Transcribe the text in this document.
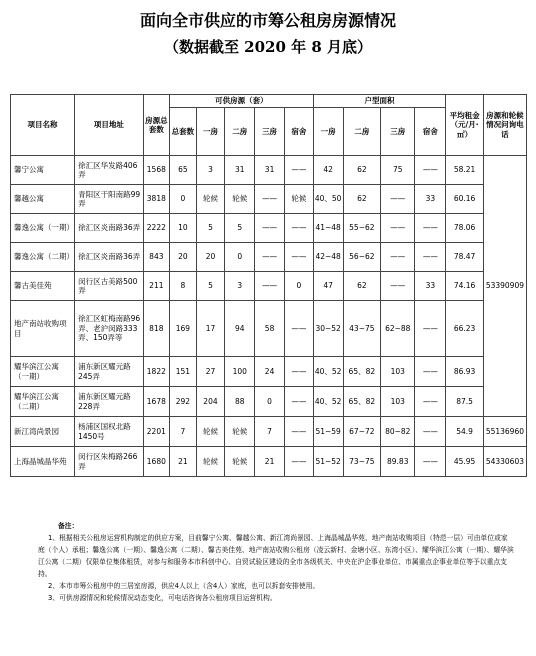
面向全市供应的市筹公租房房源情况
（数据截至 2020 年 8 月底）
项目名称	项目地址	房源总套数	可供房源（套）					户型面积				平均租金（元/月·㎡）	房源和轮候情况问询电话
			总套数	一房	二房	三房	宿舍	一房	二房	三房	宿舍		
馨宁公寓	徐汇区华发路406弄	1568	65	3	31	31	——	42	62	75	——	58.21	53390909
馨越公寓	青阳区干阳南路99弄	3818	0	轮候	轮候	——	轮候	40、50	62	——	33	60.16	
馨逸公寓（一期）	徐汇区炎南路36弄	2222	10	5	5	——	——	41~48	55~62	——	——	78.06	
馨逸公寓（二期）	徐汇区炎南路36弄	843	20	20	0	——	——	42~48	56~62	——	——	78.47	
馨古美佳苑	闵行区古美路500弄	211	8	5	3	——	0	47	62	——	33	74.16	
地产南站收购项目	徐汇区虹梅南路96弄、老沪闵路333弄、150弄等	818	169	17	94	58	——	30~52	43~75	62~88	——	66.23	
耀华滨江公寓（一期）	浦东新区耀元路245弄	1822	151	27	100	24	——	40、52	65、82	103	——	86.93	
耀华滨江公寓（二期）	浦东新区耀元路228弄	1678	292	204	88	0	——	40、52	65、82	103	——	87.5	
新江湾尚景园	杨浦区国权北路1450号	2201	7	轮候	轮候	7	——	51~59	67~72	80~82	——	54.9	55136960
上海晶城晶华苑	闵行区朱梅路266弄	1680	21	轮候	轮候	21	——	51~52	73~75	89.83	——	45.95	54330603
备注：
1、根据相关公租房运营机构制定的供应方案，目前馨宁公寓、馨越公寓、新江湾尚景园、上海晶城晶华苑、地产南站收购项目（特范一层）可由单位或家庭（个人）承租；馨逸公寓（一期）、馨逸公寓（二期）、馨古美佳苑、地产南站收购公租房（凌云新村、金塘小区、东湾小区）、耀华滨江公寓（一期）、耀华滨江公寓（二期）仅限单位集体租赁，对参与和服务本市科创中心、自贸试验区建设的全市各级机关、中央在沪企事业单位、市属重点企事业单位等予以重点支持。
2、本市市筹公租房中的三居室房源，供应4人以上（含4人）家庭，也可以拆套安排使用。
3、可供房源情况和轮候情况动态变化，可电话咨询各公租房项目运营机构。
